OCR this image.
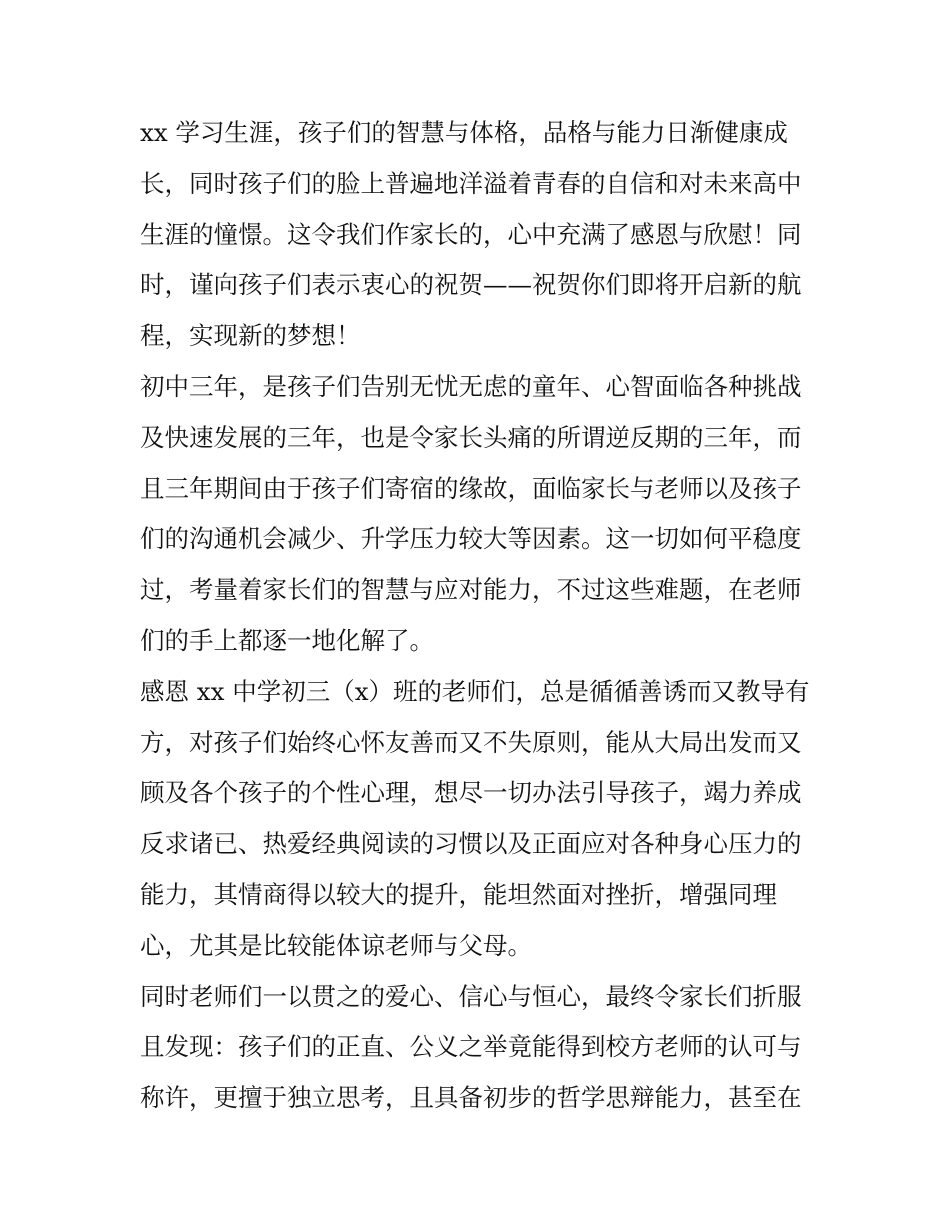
xx 学习生涯，孩子们的智慧与体格，品格与能力日渐健康成
长，同时孩子们的脸上普遍地洋溢着青春的自信和对未来高中
生涯的憧憬。这令我们作家长的，心中充满了感恩与欣慰！同
时，谨向孩子们表示衷心的祝贺——祝贺你们即将开启新的航
程，实现新的梦想！
初中三年，是孩子们告别无忧无虑的童年、心智面临各种挑战
及快速发展的三年，也是令家长头痛的所谓逆反期的三年，而
且三年期间由于孩子们寄宿的缘故，面临家长与老师以及孩子
们的沟通机会减少、升学压力较大等因素。这一切如何平稳度
过，考量着家长们的智慧与应对能力，不过这些难题，在老师
们的手上都逐一地化解了。
感恩 xx 中学初三（x）班的老师们，总是循循善诱而又教导有
方，对孩子们始终心怀友善而又不失原则，能从大局出发而又
顾及各个孩子的个性心理，想尽一切办法引导孩子，竭力养成
反求诸已、热爱经典阅读的习惯以及正面应对各种身心压力的
能力，其情商得以较大的提升，能坦然面对挫折，增强同理
心，尤其是比较能体谅老师与父母。
同时老师们一以贯之的爱心、信心与恒心，最终令家长们折服
且发现：孩子们的正直、公义之举竟能得到校方老师的认可与
称许，更擅于独立思考，且具备初步的哲学思辩能力，甚至在
